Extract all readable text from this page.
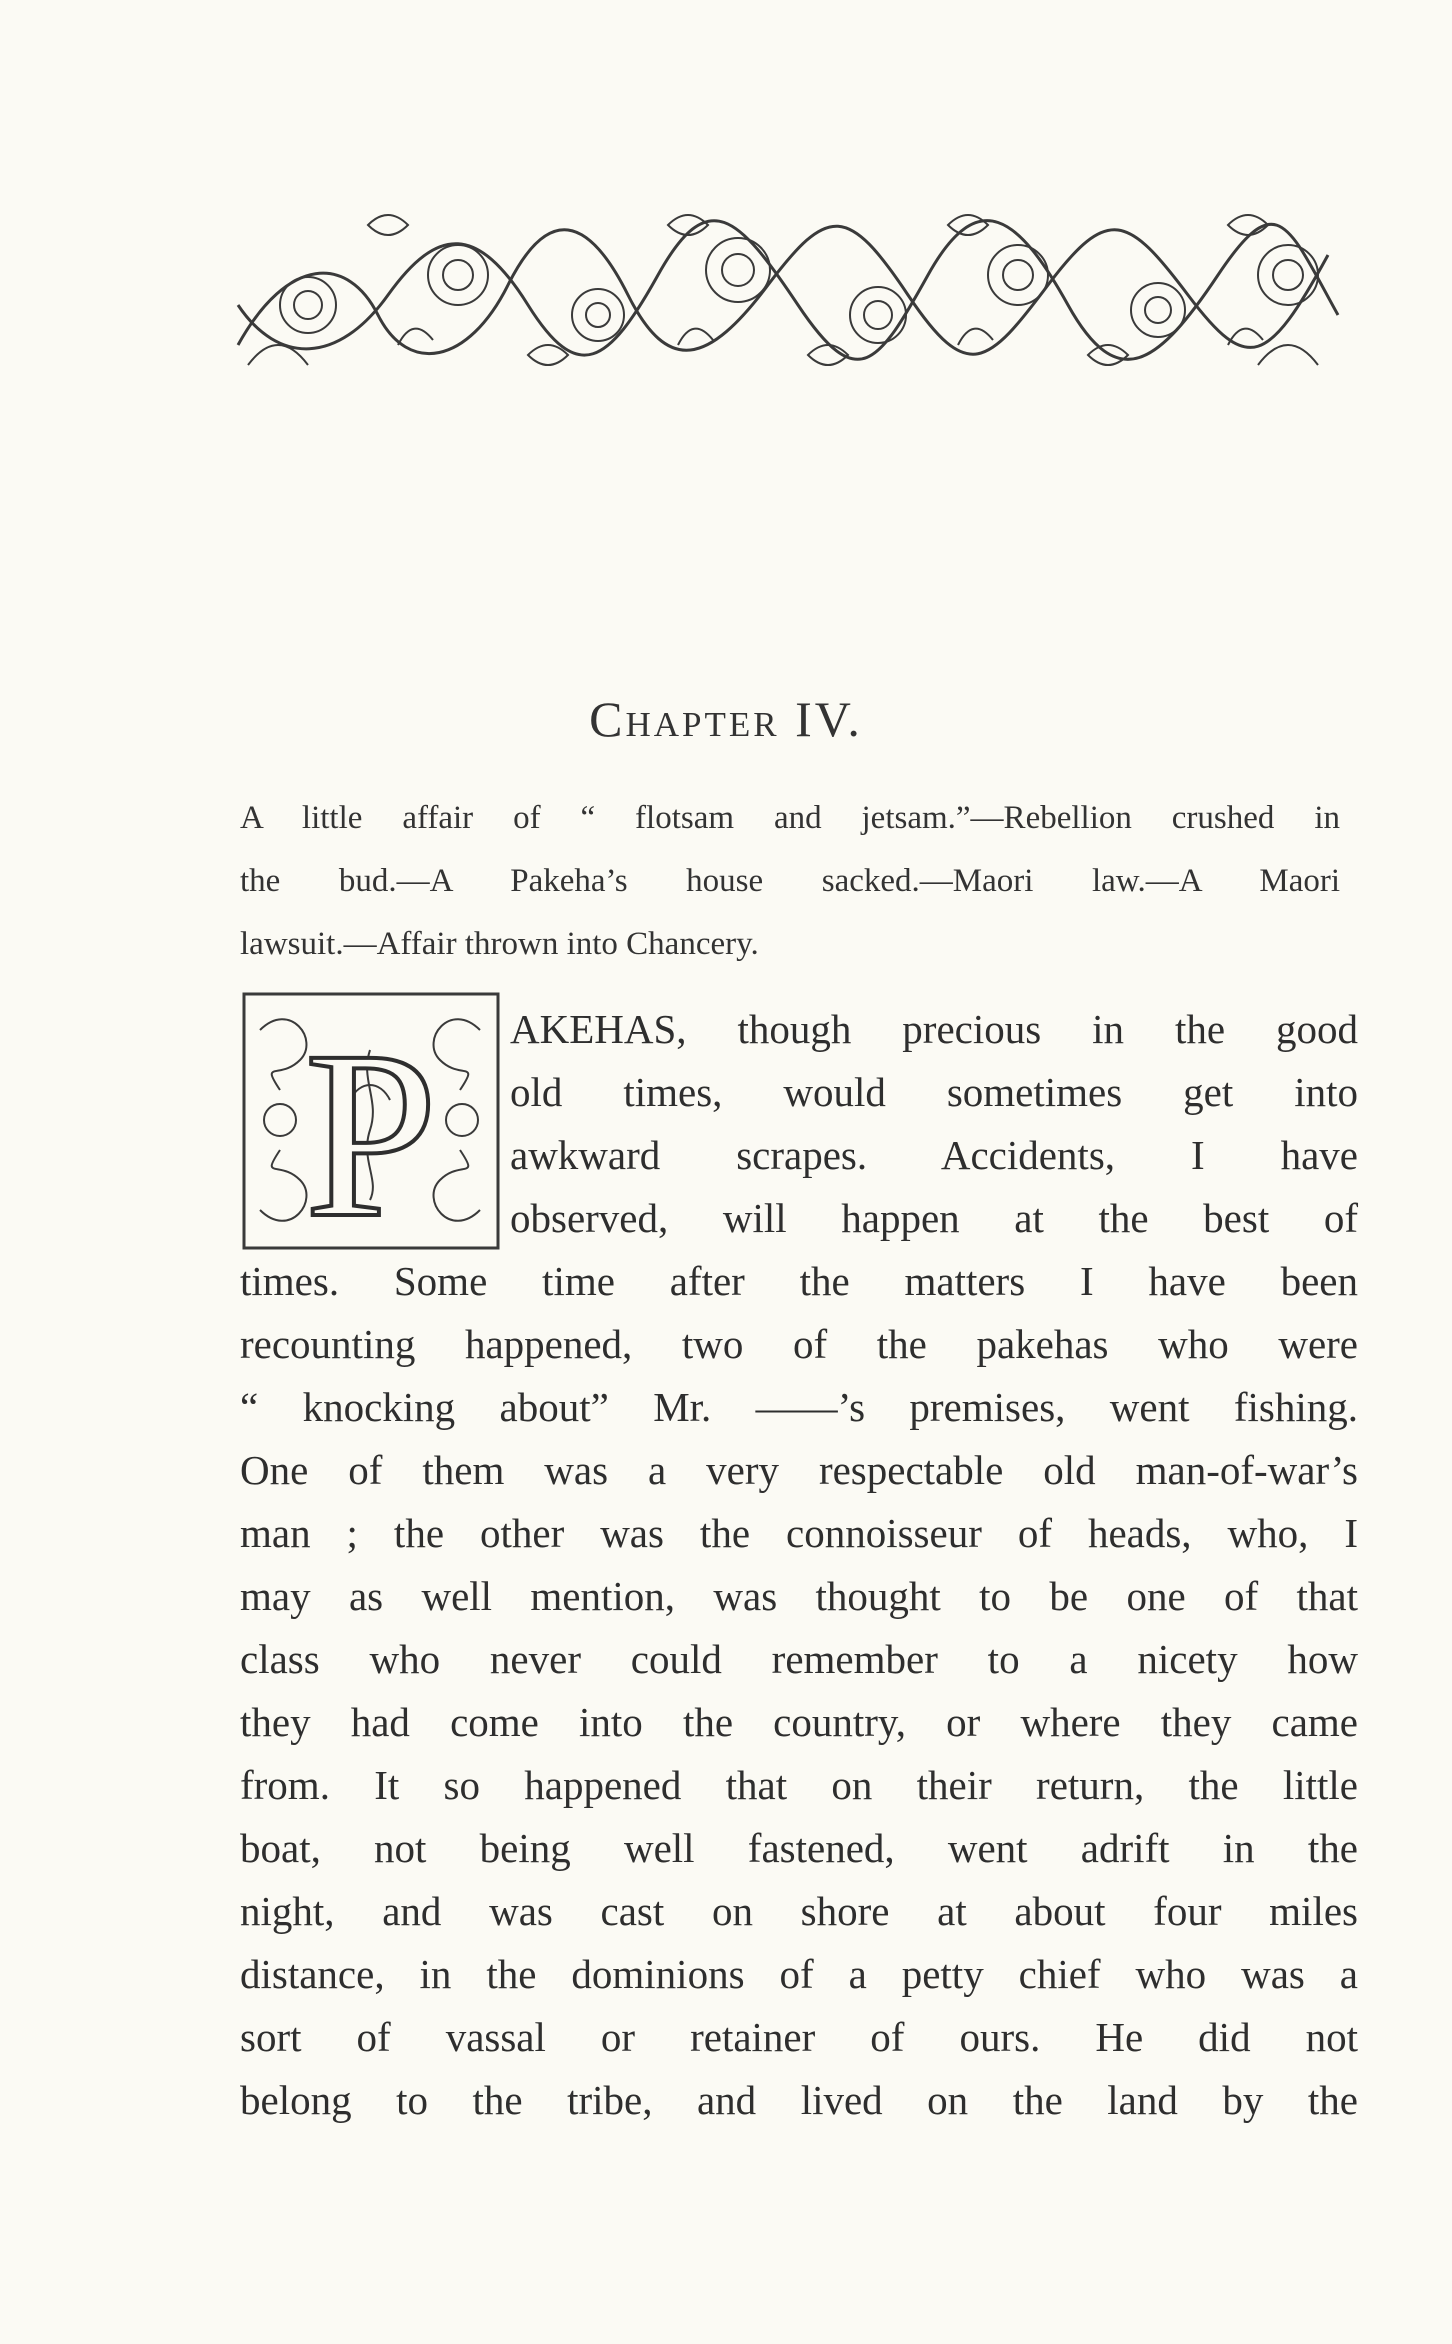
Chapter IV.
A little affair of “ flotsam and jetsam.”—Rebellion crushed in
the bud.—A Pakeha’s house sacked.—Maori law.—A Maori
lawsuit.—Affair thrown into Chancery.
P	AKEHAS, though precious in the good
old times, would sometimes get into
awkward scrapes. Accidents, I have
observed, will happen at the best of
times. Some time after the matters I have been
recounting happened, two of the pakehas who were
“ knocking about” Mr. ——’s premises, went fishing.
One of them was a very respectable old man-of-war’s
man ; the other was the connoisseur of heads, who, I
may as well mention, was thought to be one of that
class who never could remember to a nicety how
they had come into the country, or where they came
from. It so happened that on their return, the little
boat, not being well fastened, went adrift in the
night, and was cast on shore at about four miles
distance, in the dominions of a petty chief who was a
sort of vassal or retainer of ours. He did not
belong to the tribe, and lived on the land by the
